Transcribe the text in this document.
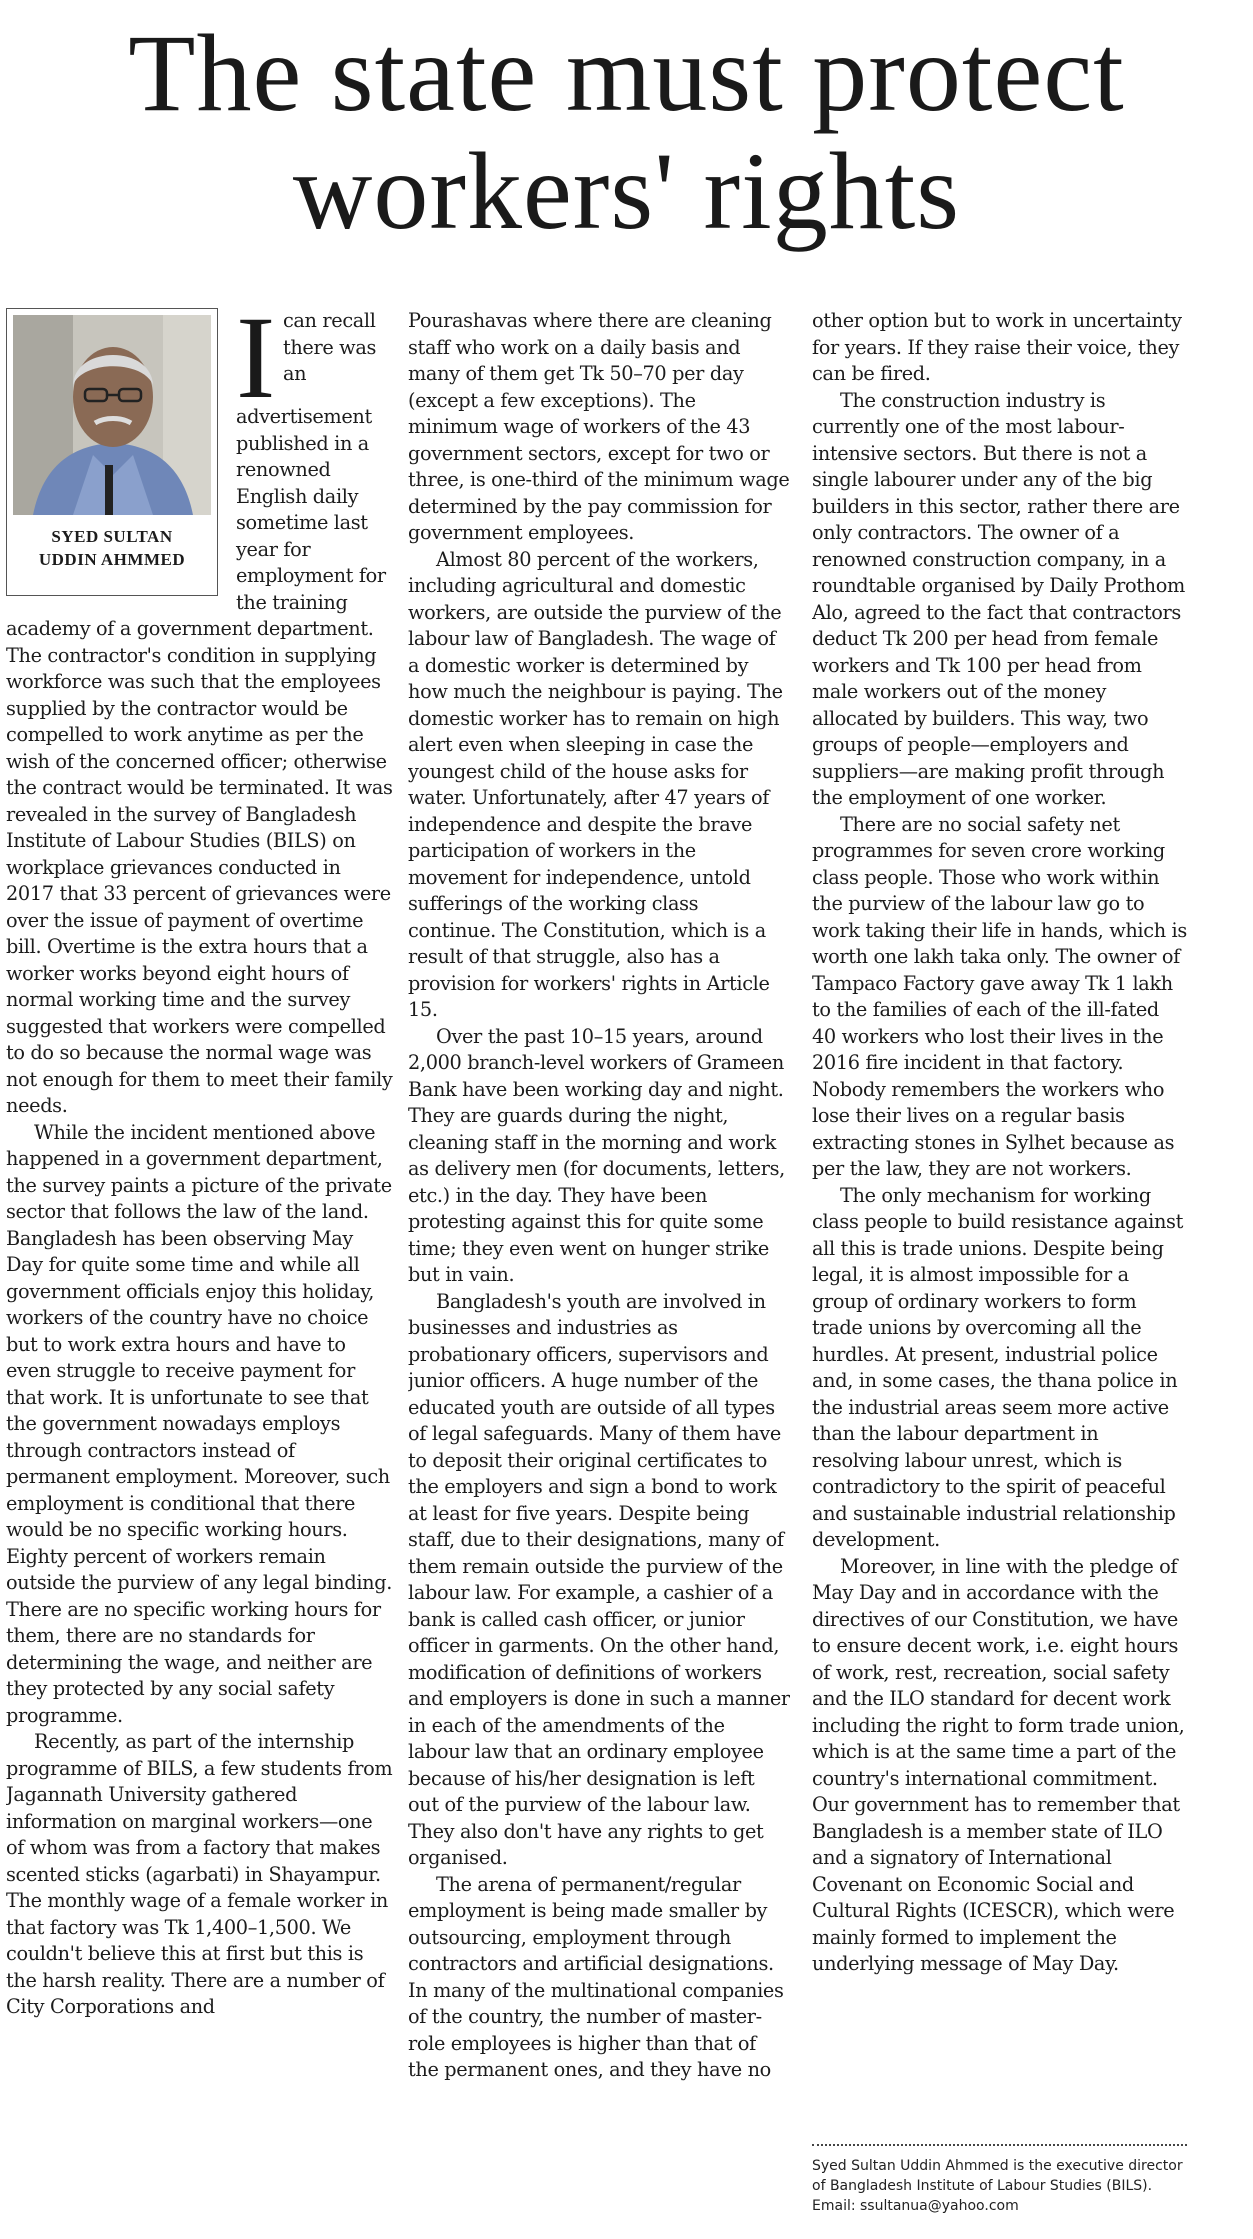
The state must protect
workers' rights
SYED SULTAN
UDDIN AHMMED
I can recall there was an advertisement published in a renowned English daily sometime last year for employment for the training academy of a government department. The contractor's condition in supplying workforce was such that the employees supplied by the contractor would be compelled to work anytime as per the wish of the concerned officer; otherwise the contract would be terminated. It was revealed in the survey of Bangladesh Institute of Labour Studies (BILS) on workplace grievances conducted in 2017 that 33 percent of grievances were over the issue of payment of overtime bill. Overtime is the extra hours that a worker works beyond eight hours of normal working time and the survey suggested that workers were compelled to do so because the normal wage was not enough for them to meet their family needs.

While the incident mentioned above happened in a government department, the survey paints a picture of the private sector that follows the law of the land. Bangladesh has been observing May Day for quite some time and while all government officials enjoy this holiday, workers of the country have no choice but to work extra hours and have to even struggle to receive payment for that work. It is unfortunate to see that the government nowadays employs through contractors instead of permanent employment. Moreover, such employment is conditional that there would be no specific working hours. Eighty percent of workers remain outside the purview of any legal binding. There are no specific working hours for them, there are no standards for determining the wage, and neither are they protected by any social safety programme.

Recently, as part of the internship programme of BILS, a few students from Jagannath University gathered information on marginal workers—one of whom was from a factory that makes scented sticks (agarbati) in Shayampur. The monthly wage of a female worker in that factory was Tk 1,400–1,500. We couldn't believe this at first but this is the harsh reality. There are a number of City Corporations and

Pourashavas where there are cleaning staff who work on a daily basis and many of them get Tk 50–70 per day (except a few exceptions). The minimum wage of workers of the 43 government sectors, except for two or three, is one-third of the minimum wage determined by the pay commission for government employees.

Almost 80 percent of the workers, including agricultural and domestic workers, are outside the purview of the labour law of Bangladesh. The wage of a domestic worker is determined by how much the neighbour is paying. The domestic worker has to remain on high alert even when sleeping in case the youngest child of the house asks for water. Unfortunately, after 47 years of independence and despite the brave participation of workers in the movement for independence, untold sufferings of the working class continue. The Constitution, which is a result of that struggle, also has a provision for workers' rights in Article 15.

Over the past 10–15 years, around 2,000 branch-level workers of Grameen Bank have been working day and night. They are guards during the night, cleaning staff in the morning and work as delivery men (for documents, letters, etc.) in the day. They have been protesting against this for quite some time; they even went on hunger strike but in vain.

Bangladesh's youth are involved in businesses and industries as probationary officers, supervisors and junior officers. A huge number of the educated youth are outside of all types of legal safeguards. Many of them have to deposit their original certificates to the employers and sign a bond to work at least for five years. Despite being staff, due to their designations, many of them remain outside the purview of the labour law. For example, a cashier of a bank is called cash officer, or junior officer in garments. On the other hand, modification of definitions of workers and employers is done in such a manner in each of the amendments of the labour law that an ordinary employee because of his/her designation is left out of the purview of the labour law. They also don't have any rights to get organised.

The arena of permanent/regular employment is being made smaller by outsourcing, employment through contractors and artificial designations. In many of the multinational companies of the country, the number of master-role employees is higher than that of the permanent ones, and they have no

other option but to work in uncertainty for years. If they raise their voice, they can be fired.

The construction industry is currently one of the most labour-intensive sectors. But there is not a single labourer under any of the big builders in this sector, rather there are only contractors. The owner of a renowned construction company, in a roundtable organised by Daily Prothom Alo, agreed to the fact that contractors deduct Tk 200 per head from female workers and Tk 100 per head from male workers out of the money allocated by builders. This way, two groups of people—employers and suppliers—are making profit through the employment of one worker.

There are no social safety net programmes for seven crore working class people. Those who work within the purview of the labour law go to work taking their life in hands, which is worth one lakh taka only. The owner of Tampaco Factory gave away Tk 1 lakh to the families of each of the ill-fated 40 workers who lost their lives in the 2016 fire incident in that factory. Nobody remembers the workers who lose their lives on a regular basis extracting stones in Sylhet because as per the law, they are not workers.

The only mechanism for working class people to build resistance against all this is trade unions. Despite being legal, it is almost impossible for a group of ordinary workers to form trade unions by overcoming all the hurdles. At present, industrial police and, in some cases, the thana police in the industrial areas seem more active than the labour department in resolving labour unrest, which is contradictory to the spirit of peaceful and sustainable industrial relationship development.

Moreover, in line with the pledge of May Day and in accordance with the directives of our Constitution, we have to ensure decent work, i.e. eight hours of work, rest, recreation, social safety and the ILO standard for decent work including the right to form trade union, which is at the same time a part of the country's international commitment. Our government has to remember that Bangladesh is a member state of ILO and a signatory of International Covenant on Economic Social and Cultural Rights (ICESCR), which were mainly formed to implement the underlying message of May Day.

Syed Sultan Uddin Ahmmed is the executive director of Bangladesh Institute of Labour Studies (BILS). Email: ssultanua@yahoo.com
